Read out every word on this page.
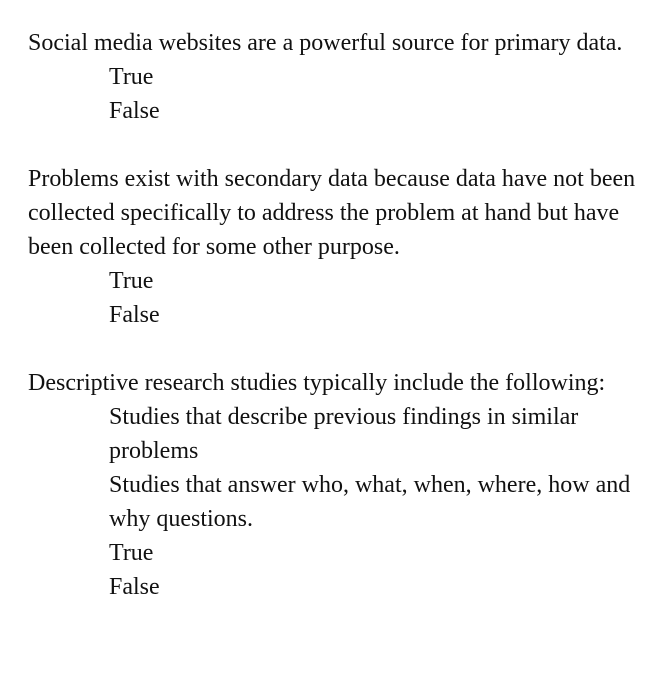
Social media websites are a powerful source for primary data.

True
False

Problems exist with secondary data because data have not been collected specifically to address the problem at hand but have been collected for some other purpose.

True
False

Descriptive research studies typically include the following:

Studies that describe previous findings in similar problems
Studies that answer who, what, when, where, how and why questions.
True
False
